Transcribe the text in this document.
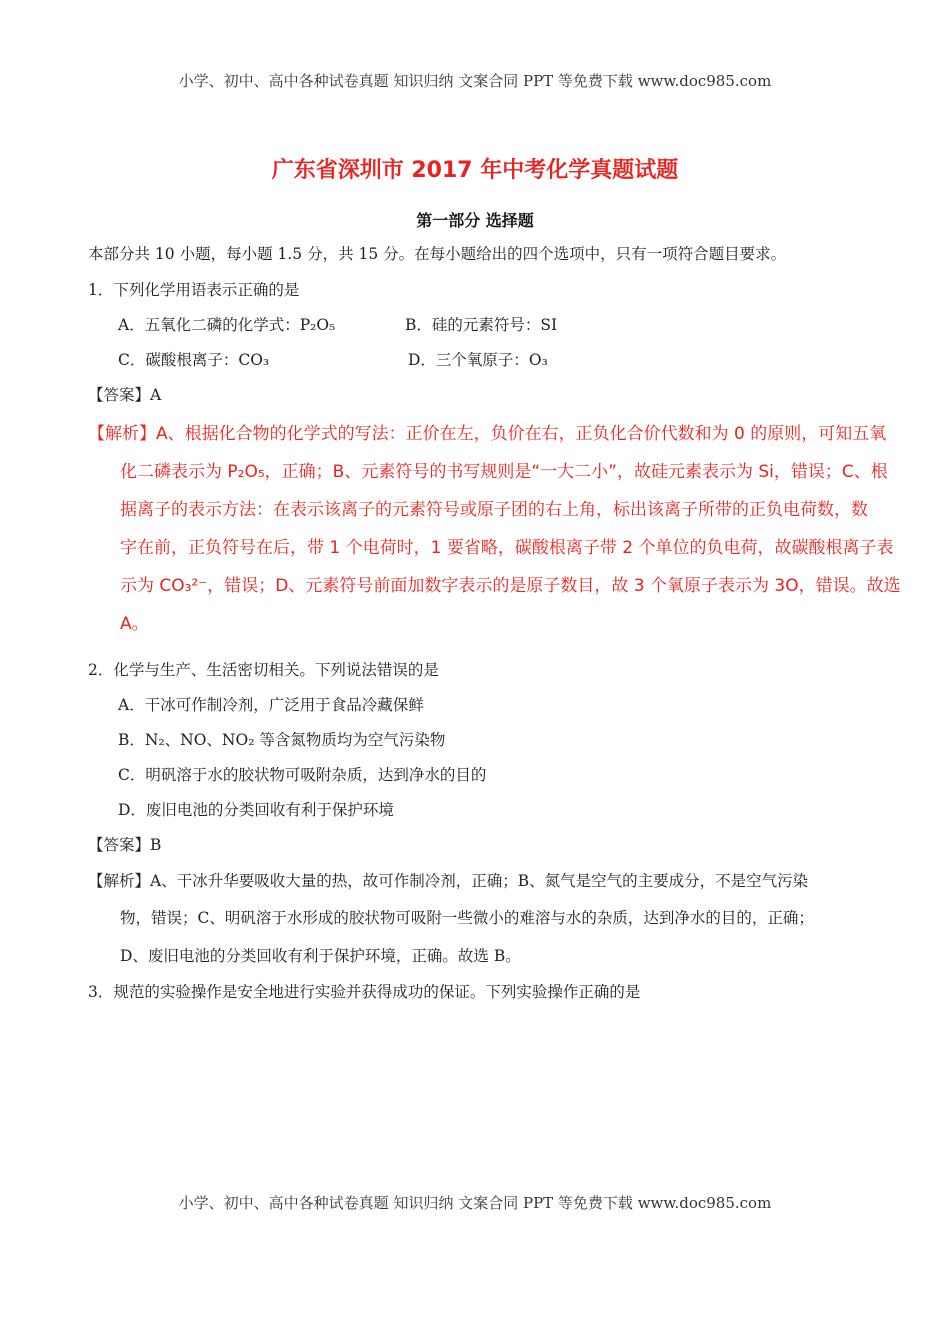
小学、初中、高中各种试卷真题 知识归纳 文案合同 PPT 等免费下载 www.doc985.com
广东省深圳市 2017 年中考化学真题试题
第一部分 选择题
本部分共 10 小题，每小题 1.5 分，共 15 分。在每小题给出的四个选项中，只有一项符合题目要求。
1．下列化学用语表示正确的是
A．五氧化二磷的化学式：P₂O₅	B．硅的元素符号：SI
C．碳酸根离子：CO₃	D．三个氧原子：O₃
【答案】A
【解析】A、根据化合物的化学式的写法：正价在左，负价在右，正负化合价代数和为 0 的原则，可知五氧
化二磷表示为 P₂O₅，正确；B、元素符号的书写规则是“一大二小”，故硅元素表示为 Si，错误；C、根
据离子的表示方法：在表示该离子的元素符号或原子团的右上角，标出该离子所带的正负电荷数，数
字在前，正负符号在后，带 1 个电荷时，1 要省略，碳酸根离子带 2 个单位的负电荷，故碳酸根离子表
示为 CO₃²⁻，错误；D、元素符号前面加数字表示的是原子数目，故 3 个氧原子表示为 3O，错误。故选
A。
2．化学与生产、生活密切相关。下列说法错误的是
A．干冰可作制冷剂，广泛用于食品冷藏保鲜
B．N₂、NO、NO₂ 等含氮物质均为空气污染物
C．明矾溶于水的胶状物可吸附杂质，达到净水的目的
D．废旧电池的分类回收有利于保护环境
【答案】B
【解析】A、干冰升华要吸收大量的热，故可作制冷剂，正确；B、氮气是空气的主要成分，不是空气污染
物，错误；C、明矾溶于水形成的胶状物可吸附一些微小的难溶与水的杂质，达到净水的目的，正确；
D、废旧电池的分类回收有利于保护环境，正确。故选 B。
3．规范的实验操作是安全地进行实验并获得成功的保证。下列实验操作正确的是
小学、初中、高中各种试卷真题 知识归纳 文案合同 PPT 等免费下载 www.doc985.com
